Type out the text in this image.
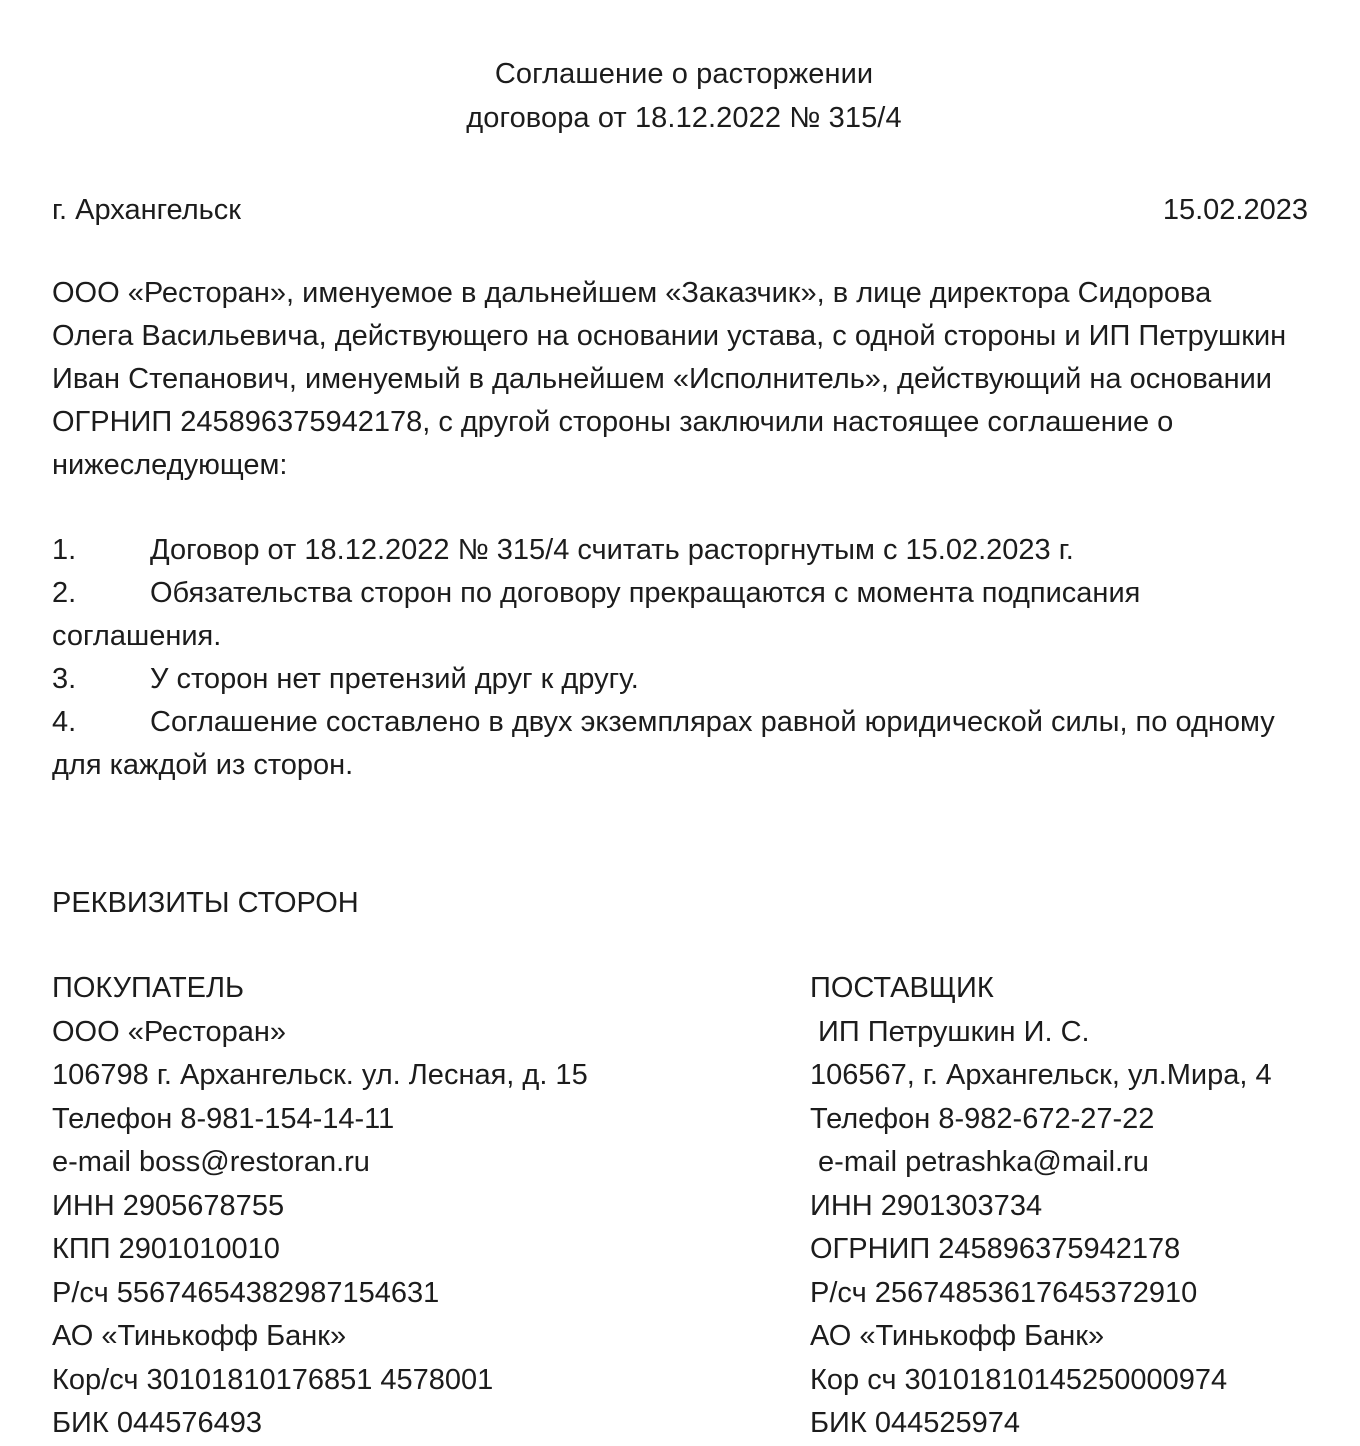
Соглашение о расторжении
договора от 18.12.2022 № 315/4
г. Архангельск	15.02.2023
ООО «Ресторан», именуемое в дальнейшем «Заказчик», в лице директора Сидорова Олега Васильевича, действующего на основании устава, с одной стороны и ИП Петрушкин Иван Степанович, именуемый в дальнейшем «Исполнитель», действующий на основании ОГРНИП 245896375942178, с другой стороны заключили настоящее соглашение о нижеследующем:
1.	Договор от 18.12.2022 № 315/4 считать расторгнутым с 15.02.2023 г.
2.	Обязательства сторон по договору прекращаются с момента подписания соглашения.
3.	У сторон нет претензий друг к другу.
4.	Соглашение составлено в двух экземплярах равной юридической силы, по одному для каждой из сторон.
РЕКВИЗИТЫ СТОРОН
ПОКУПАТЕЛЬ
ООО «Ресторан»
106798 г. Архангельск. ул. Лесная, д. 15
Телефон 8-981-154-14-11
e-mail boss@restoran.ru
ИНН 2905678755
КПП 2901010010
Р/сч 55674654382987154631
АО «Тинькофф Банк»
Кор/сч 30101810176851 4578001
БИК 044576493
ПОСТАВЩИК
ИП Петрушкин И. С.
106567, г. Архангельск, ул.Мира, 4
Телефон 8-982-672-27-22
e-mail petrashka@mail.ru
ИНН 2901303734
ОГРНИП 245896375942178
Р/сч 25674853617645372910
АО «Тинькофф Банк»
Кор сч 30101810145250000974
БИК 044525974
